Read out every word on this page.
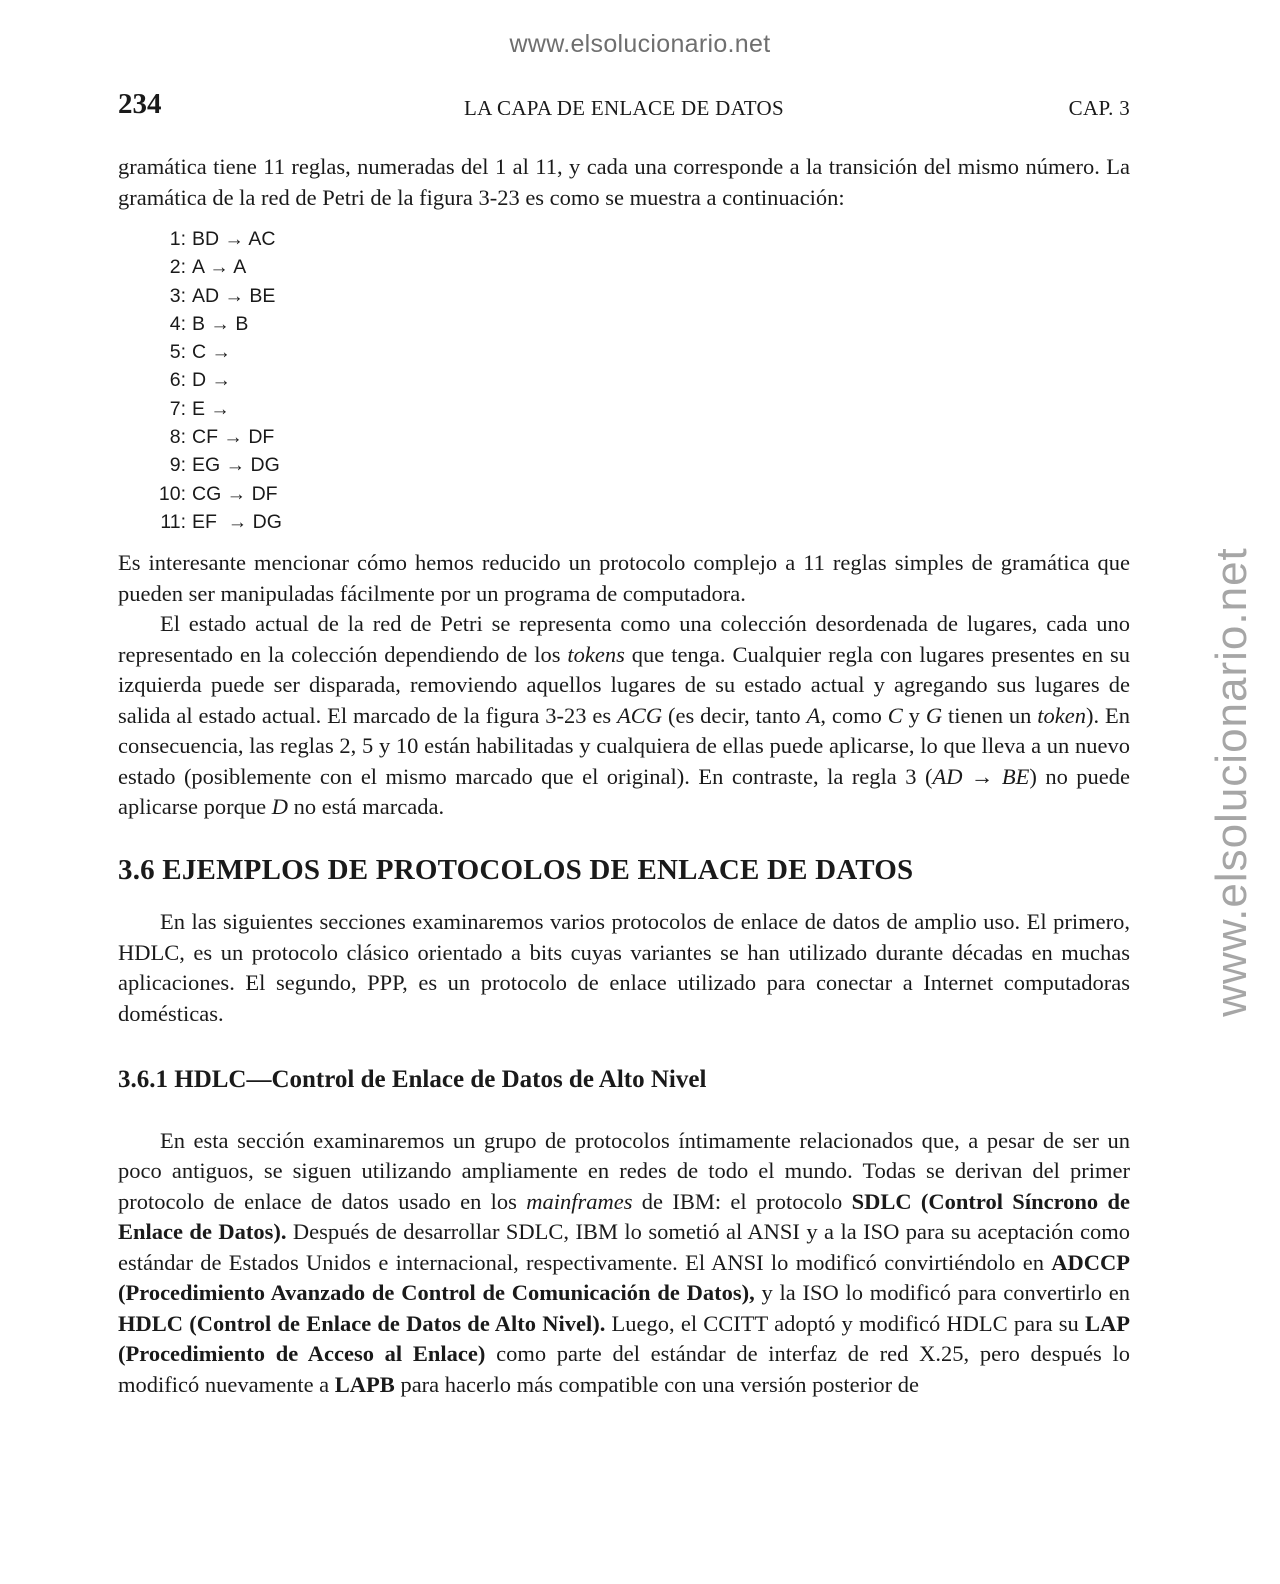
www.elsolucionario.net
www.elsolucionario.net
234	LA CAPA DE ENLACE DE DATOS	CAP. 3

gramática tiene 11 reglas, numeradas del 1 al 11, y cada una corresponde a la transición del mismo número. La gramática de la red de Petri de la figura 3-23 es como se muestra a continuación:

1: BD → AC
2: A → A
3: AD → BE
4: B → B
5: C →
6: D →
7: E →
8: CF → DF
9: EG → DG
10: CG → DF
11: EF  → DG

Es interesante mencionar cómo hemos reducido un protocolo complejo a 11 reglas simples de gramática que pueden ser manipuladas fácilmente por un programa de computadora.

El estado actual de la red de Petri se representa como una colección desordenada de lugares, cada uno representado en la colección dependiendo de los tokens que tenga. Cualquier regla con lugares presentes en su izquierda puede ser disparada, removiendo aquellos lugares de su estado actual y agregando sus lugares de salida al estado actual. El marcado de la figura 3-23 es ACG (es decir, tanto A, como C y G tienen un token). En consecuencia, las reglas 2, 5 y 10 están habilitadas y cualquiera de ellas puede aplicarse, lo que lleva a un nuevo estado (posiblemente con el mismo marcado que el original). En contraste, la regla 3 (AD → BE) no puede aplicarse porque D no está marcada.

3.6 EJEMPLOS DE PROTOCOLOS DE ENLACE DE DATOS

En las siguientes secciones examinaremos varios protocolos de enlace de datos de amplio uso. El primero, HDLC, es un protocolo clásico orientado a bits cuyas variantes se han utilizado durante décadas en muchas aplicaciones. El segundo, PPP, es un protocolo de enlace utilizado para conectar a Internet computadoras domésticas.

3.6.1 HDLC—Control de Enlace de Datos de Alto Nivel

En esta sección examinaremos un grupo de protocolos íntimamente relacionados que, a pesar de ser un poco antiguos, se siguen utilizando ampliamente en redes de todo el mundo. Todas se derivan del primer protocolo de enlace de datos usado en los mainframes de IBM: el protocolo SDLC (Control Síncrono de Enlace de Datos). Después de desarrollar SDLC, IBM lo sometió al ANSI y a la ISO para su aceptación como estándar de Estados Unidos e internacional, respectivamente. El ANSI lo modificó convirtiéndolo en ADCCP (Procedimiento Avanzado de Control de Comunicación de Datos), y la ISO lo modificó para convertirlo en HDLC (Control de Enlace de Datos de Alto Nivel). Luego, el CCITT adoptó y modificó HDLC para su LAP (Procedimiento de Acceso al Enlace) como parte del estándar de interfaz de red X.25, pero después lo modificó nuevamente a LAPB para hacerlo más compatible con una versión posterior de
